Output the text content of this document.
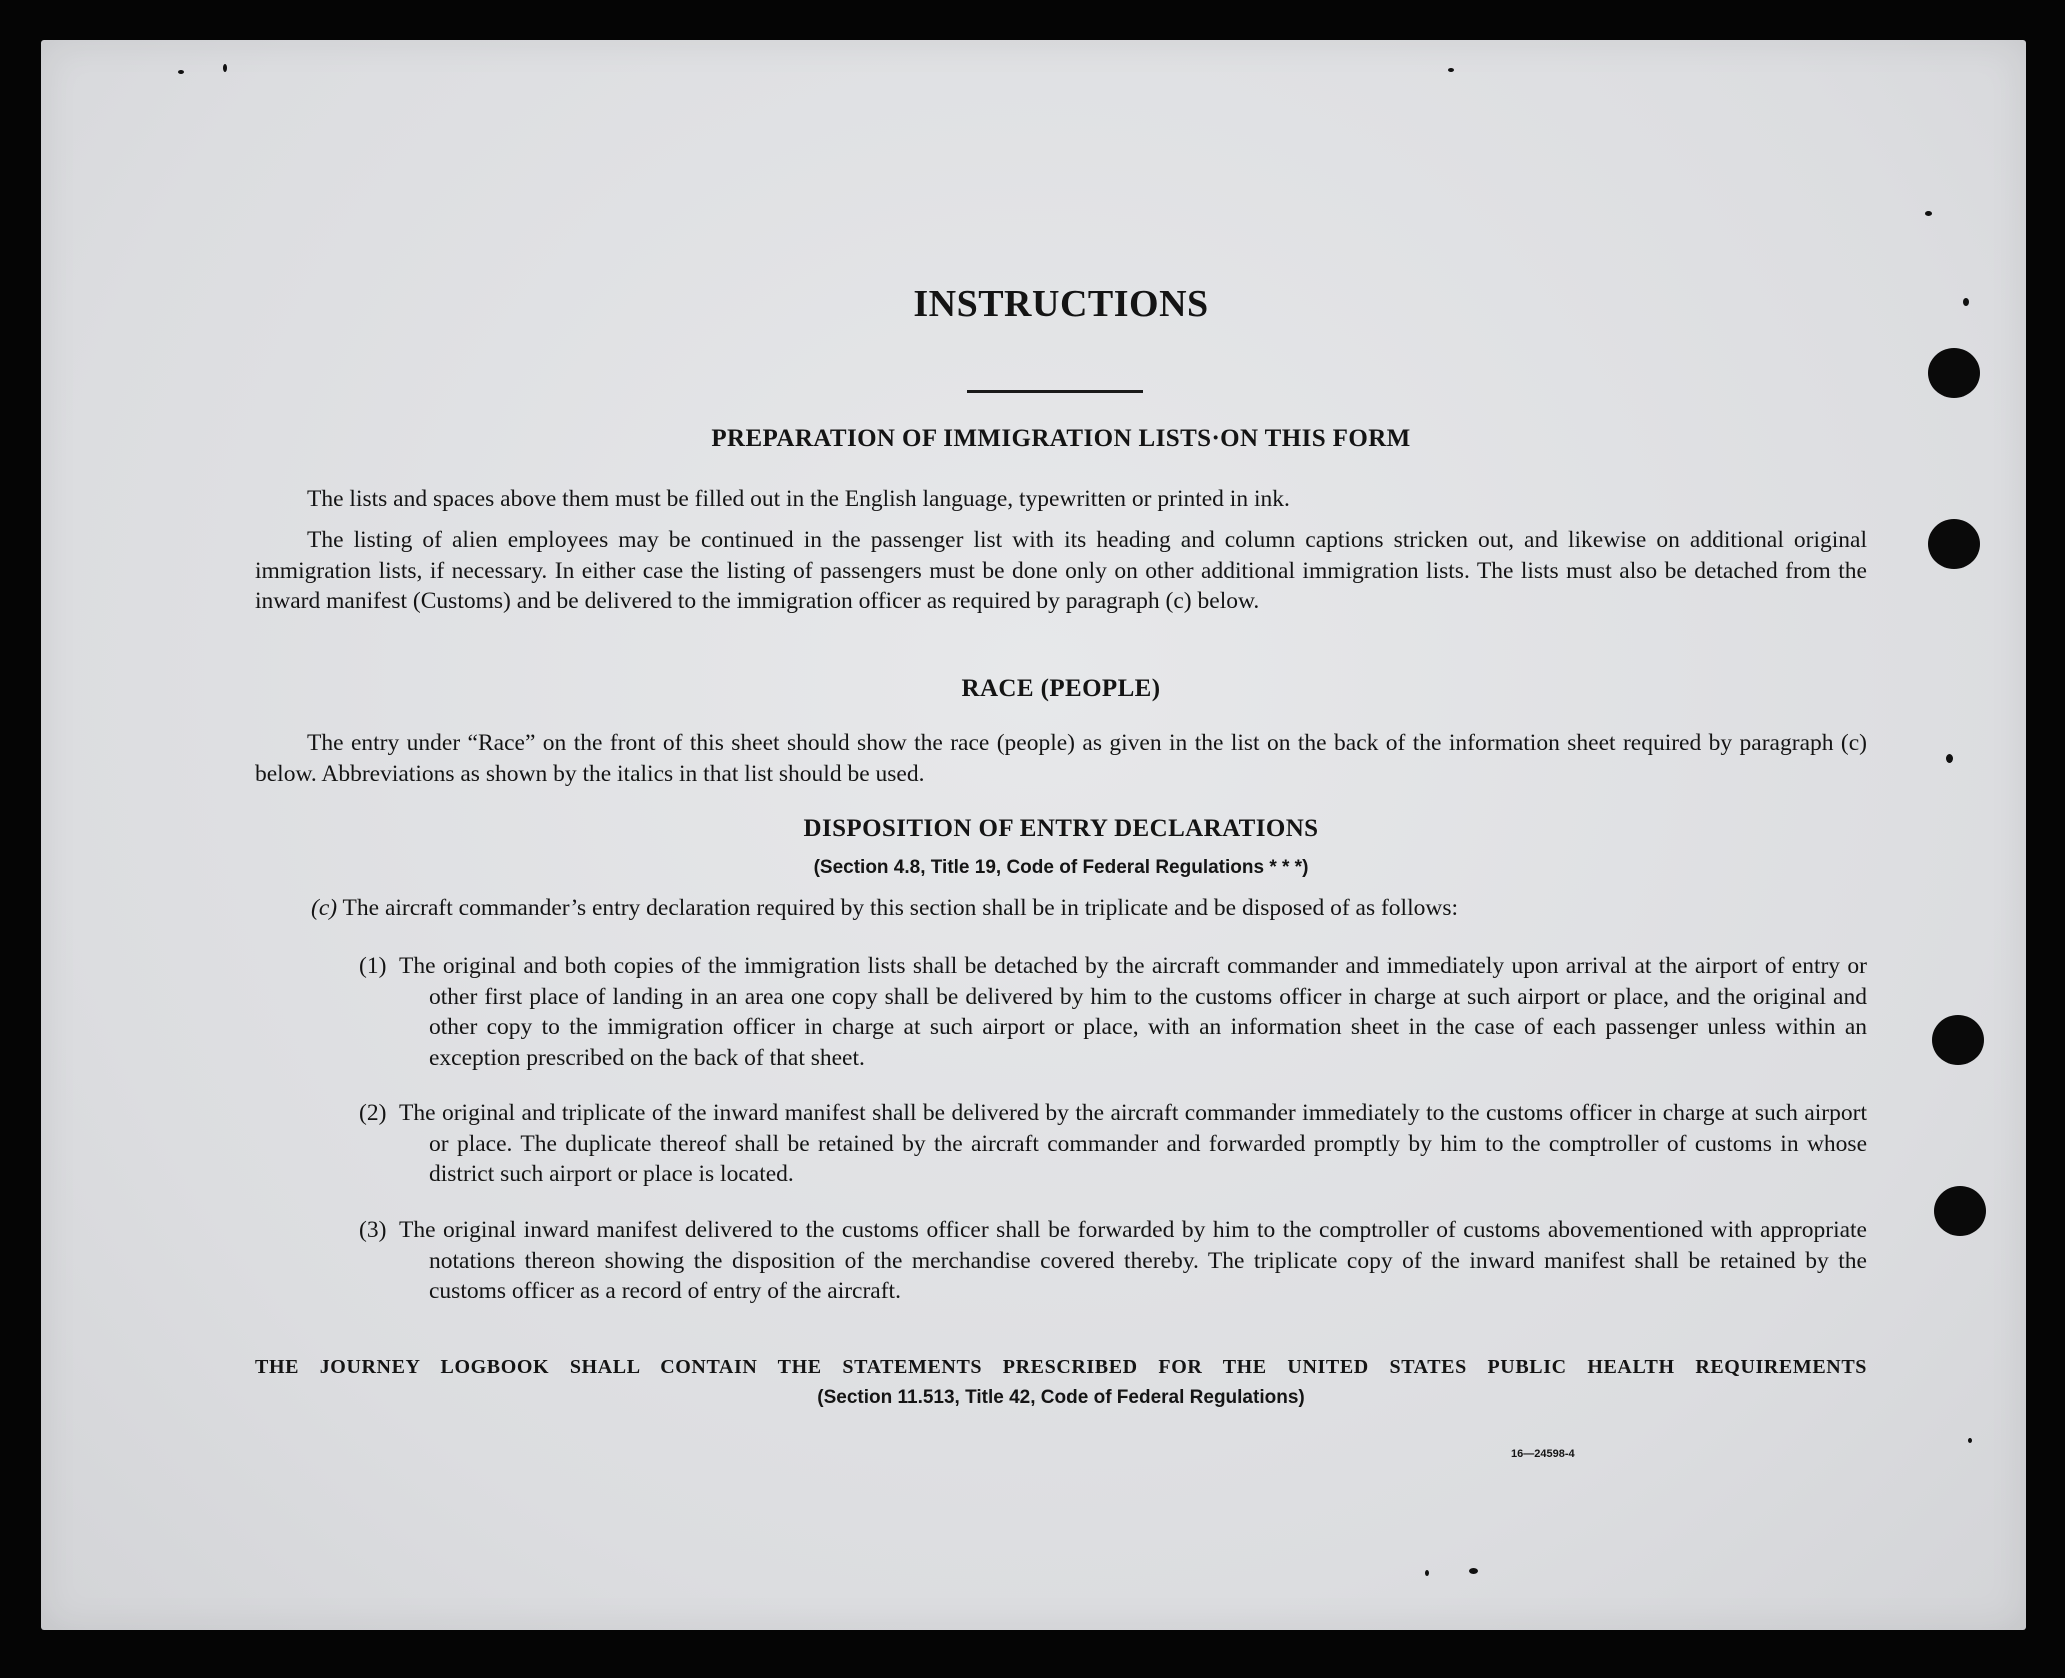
INSTRUCTIONS
PREPARATION OF IMMIGRATION LISTS·ON THIS FORM
The lists and spaces above them must be filled out in the English language, typewritten or printed in ink.
The listing of alien employees may be continued in the passenger list with its heading and column captions stricken out, and likewise on additional original immigration lists, if necessary. In either case the listing of passengers must be done only on other additional immigration lists. The lists must also be detached from the inward manifest (Customs) and be delivered to the immigration officer as required by paragraph (c) below.
RACE (PEOPLE)
The entry under “Race” on the front of this sheet should show the race (people) as given in the list on the back of the information sheet required by paragraph (c) below. Abbreviations as shown by the italics in that list should be used.
DISPOSITION OF ENTRY DECLARATIONS
(Section 4.8, Title 19, Code of Federal Regulations * * *)
(c) The aircraft commander’s entry declaration required by this section shall be in triplicate and be disposed of as follows:
(1) The original and both copies of the immigration lists shall be detached by the aircraft commander and immediately upon arrival at the airport of entry or other first place of landing in an area one copy shall be delivered by him to the customs officer in charge at such airport or place, and the original and other copy to the immigration officer in charge at such airport or place, with an information sheet in the case of each passenger unless within an exception prescribed on the back of that sheet.
(2) The original and triplicate of the inward manifest shall be delivered by the aircraft commander immediately to the customs officer in charge at such airport or place. The duplicate thereof shall be retained by the aircraft commander and forwarded promptly by him to the comptroller of customs in whose district such airport or place is located.
(3) The original inward manifest delivered to the customs officer shall be forwarded by him to the comptroller of customs abovementioned with appropriate notations thereon showing the disposition of the merchandise covered thereby. The triplicate copy of the inward manifest shall be retained by the customs officer as a record of entry of the aircraft.
THE JOURNEY LOGBOOK SHALL CONTAIN THE STATEMENTS PRESCRIBED FOR THE UNITED STATES PUBLIC HEALTH REQUIREMENTS
(Section 11.513, Title 42, Code of Federal Regulations)
16—24598-4
